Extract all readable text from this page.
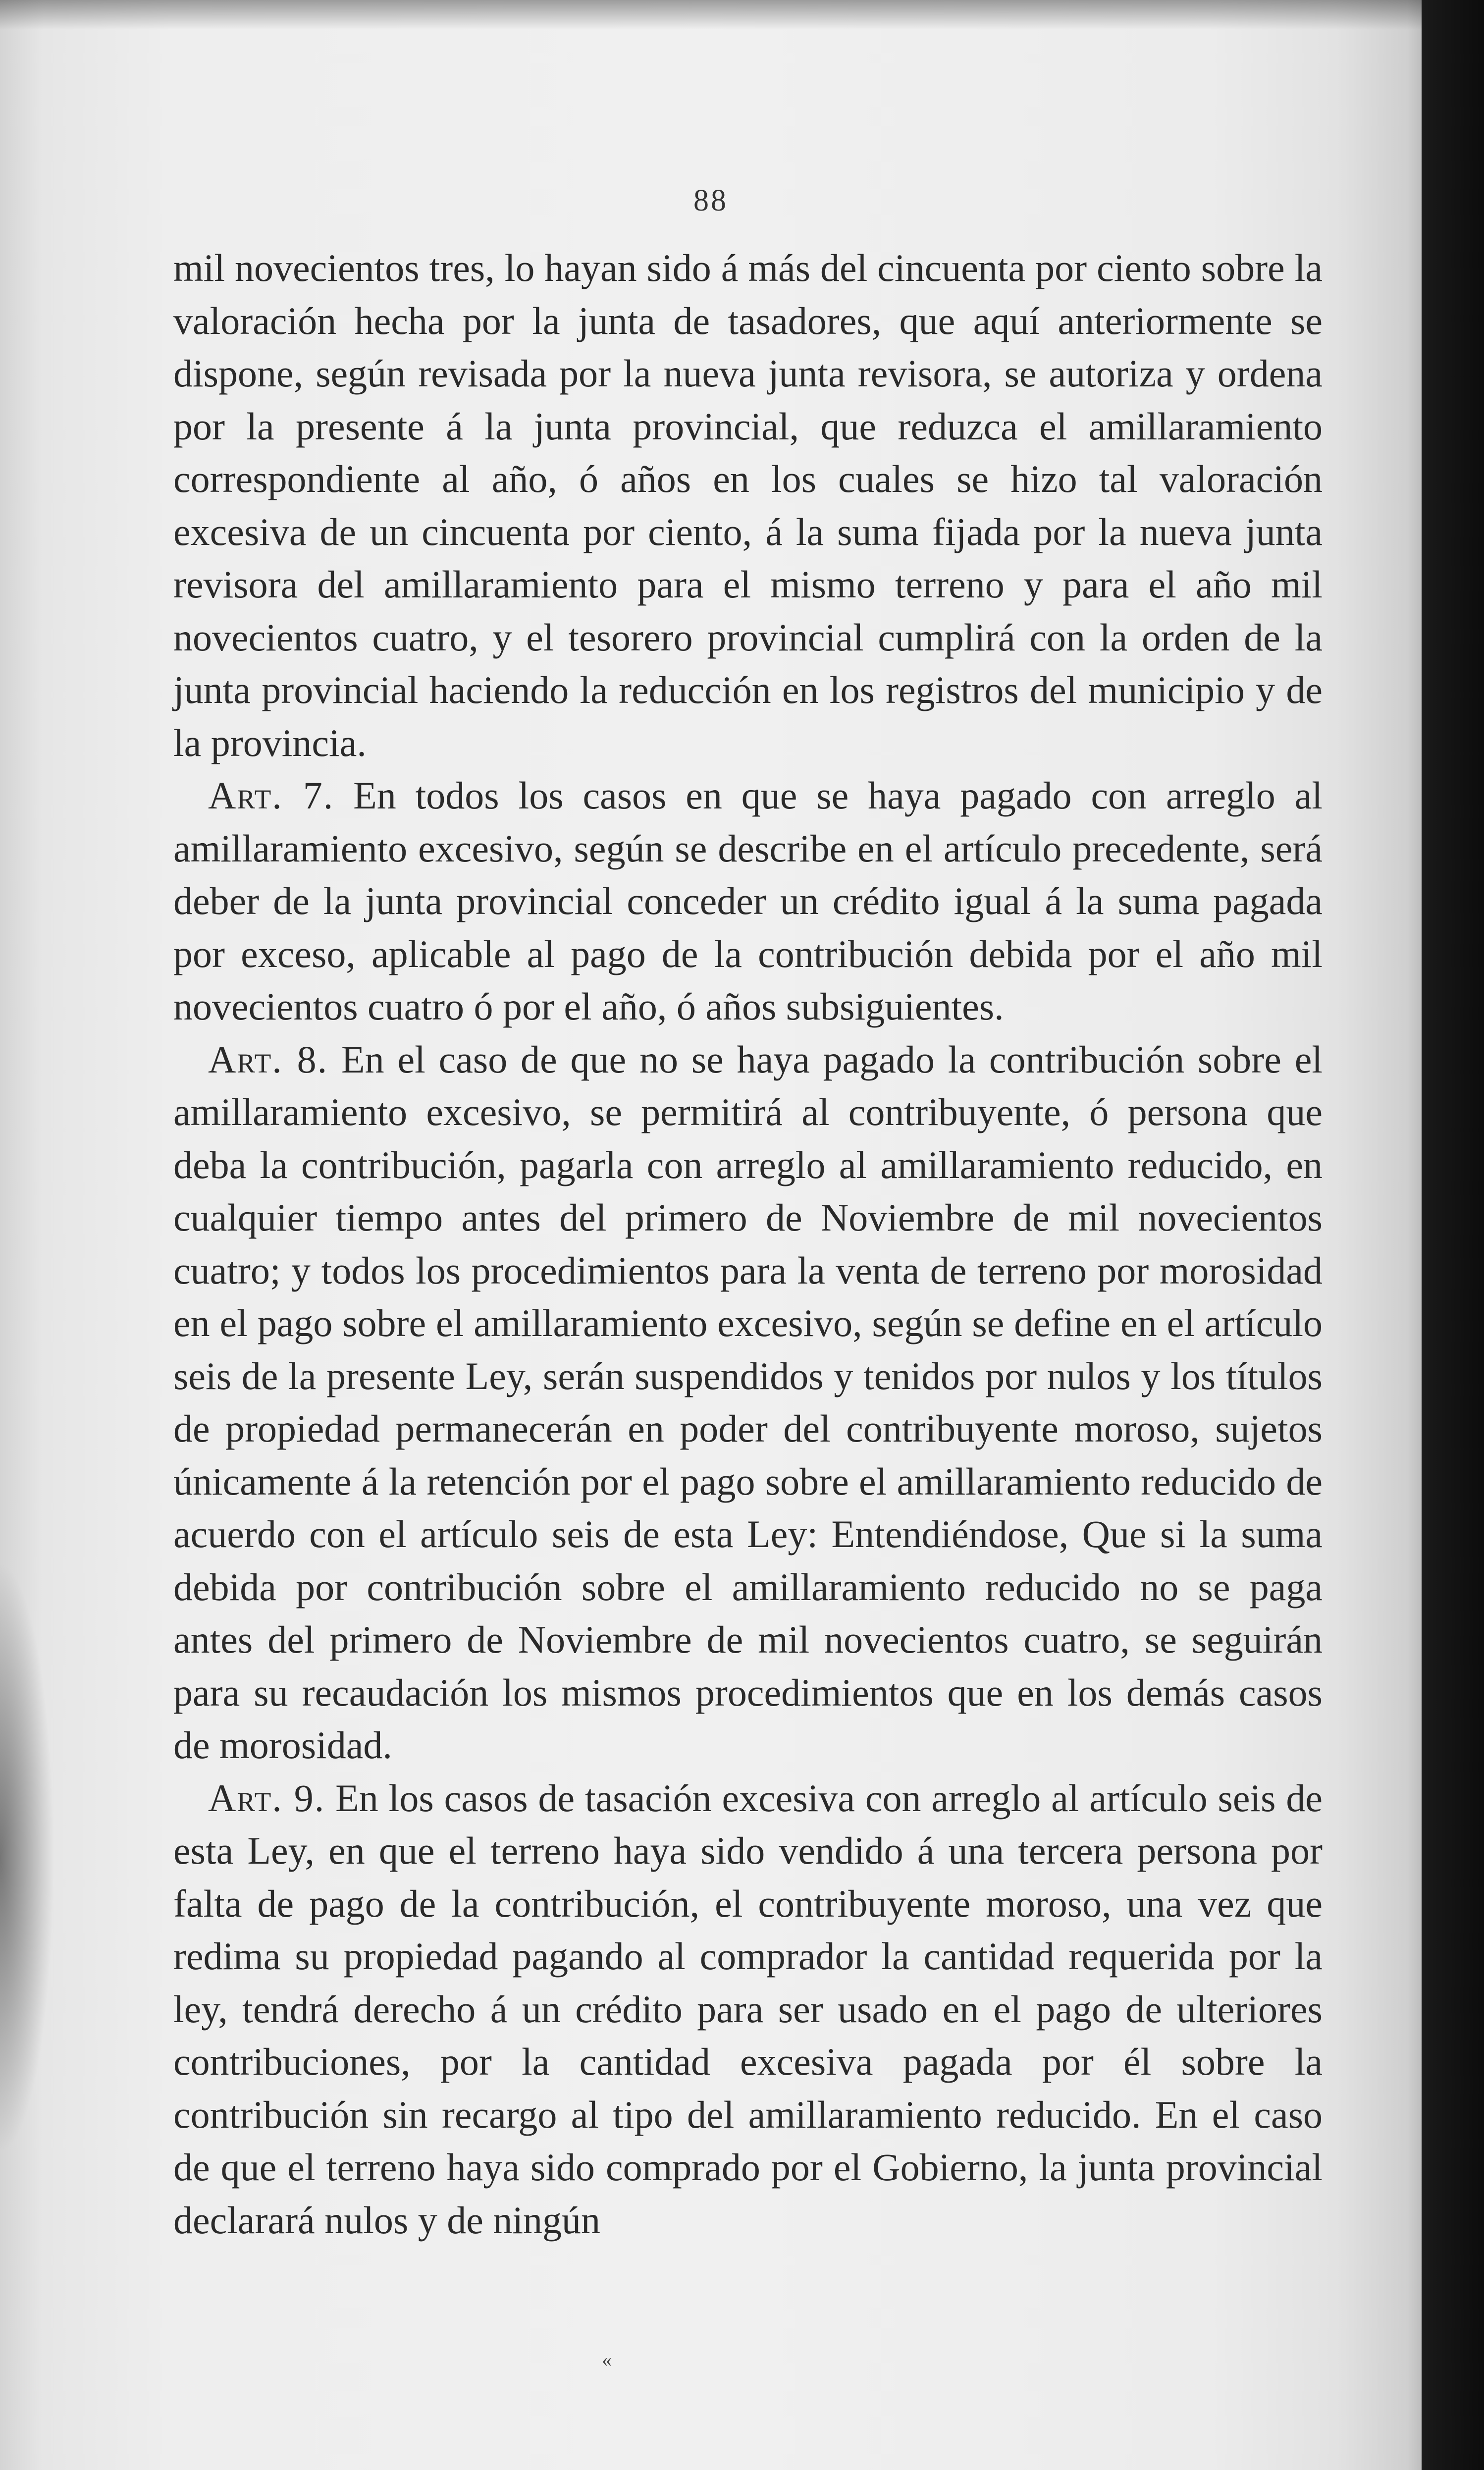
88

mil novecientos tres, lo hayan sido á más del cincuenta por ciento sobre la valoración hecha por la junta de tasadores, que aquí anteriormente se dispone, según revisada por la nueva junta revisora, se autoriza y ordena por la presente á la junta provincial, que reduzca el amillaramiento correspondiente al año, ó años en los cuales se hizo tal valoración excesiva de un cincuenta por ciento, á la suma fijada por la nueva junta revisora del amillaramiento para el mismo terreno y para el año mil novecientos cuatro, y el tesorero provincial cumplirá con la orden de la junta provincial haciendo la reducción en los registros del municipio y de la provincia.

Art. 7. En todos los casos en que se haya pagado con arreglo al amillaramiento excesivo, según se describe en el artículo precedente, será deber de la junta provincial conceder un crédito igual á la suma pagada por exceso, aplicable al pago de la contribución debida por el año mil novecientos cuatro ó por el año, ó años subsiguientes.

Art. 8. En el caso de que no se haya pagado la contribución sobre el amillaramiento excesivo, se permitirá al contribuyente, ó persona que deba la contribución, pagarla con arreglo al amillaramiento reducido, en cualquier tiempo antes del primero de Noviembre de mil novecientos cuatro; y todos los procedimientos para la venta de terreno por morosidad en el pago sobre el amillaramiento excesivo, según se define en el artículo seis de la presente Ley, serán suspendidos y tenidos por nulos y los títulos de propiedad permanecerán en poder del contribuyente moroso, sujetos únicamente á la retención por el pago sobre el amillaramiento reducido de acuerdo con el artículo seis de esta Ley: Entendiéndose, Que si la suma debida por contribución sobre el amillaramiento reducido no se paga antes del primero de Noviembre de mil novecientos cuatro, se seguirán para su recaudación los mismos procedimientos que en los demás casos de morosidad.

Art. 9. En los casos de tasación excesiva con arreglo al artículo seis de esta Ley, en que el terreno haya sido vendido á una tercera persona por falta de pago de la contribución, el contribuyente moroso, una vez que redima su propiedad pagando al comprador la cantidad requerida por la ley, tendrá derecho á un crédito para ser usado en el pago de ulteriores contribuciones, por la cantidad excesiva pagada por él sobre la contribución sin recargo al tipo del amillaramiento reducido. En el caso de que el terreno haya sido comprado por el Gobierno, la junta provincial declarará nulos y de ningún

«
